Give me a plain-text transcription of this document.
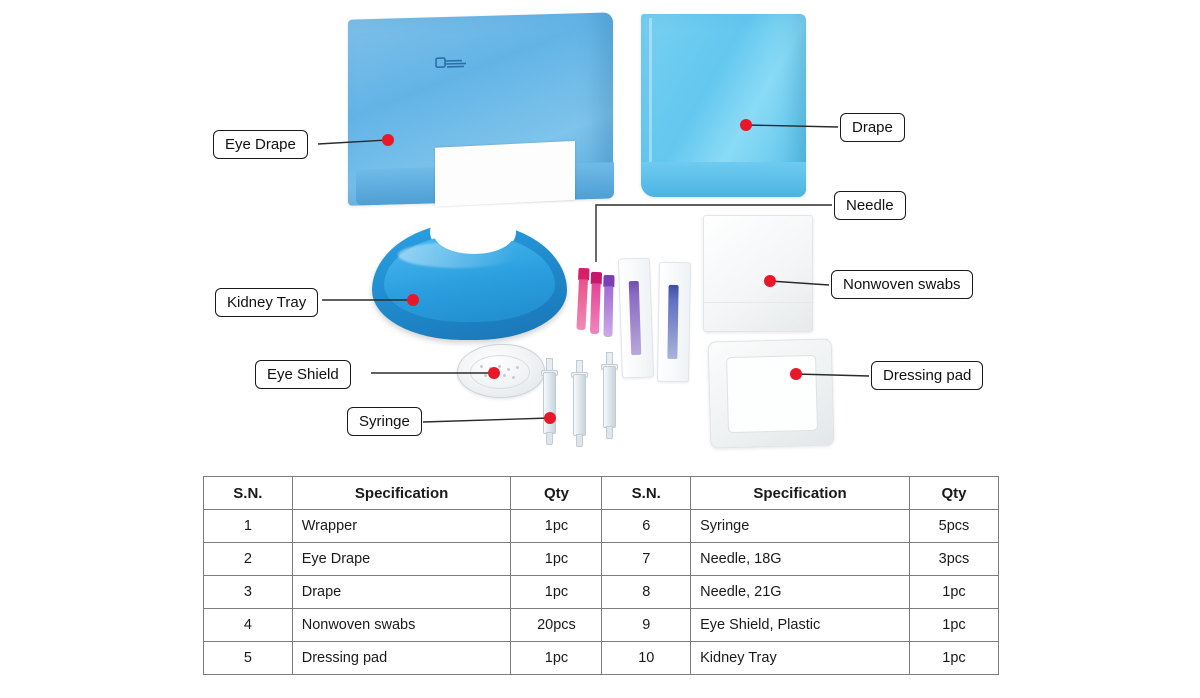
Eye Drape
Drape
Needle
Nonwoven swabs
Kidney Tray
Eye Shield	Dressing pad
Syringe
S.N.	Specification	Qty	S.N.	Specification	Qty
1	Wrapper	1pc	6	Syringe	5pcs
2	Eye Drape	1pc	7	Needle, 18G	3pcs
3	Drape	1pc	8	Needle, 21G	1pc
4	Nonwoven swabs	20pcs	9	Eye Shield, Plastic	1pc
5	Dressing pad	1pc	10	Kidney Tray	1pc
